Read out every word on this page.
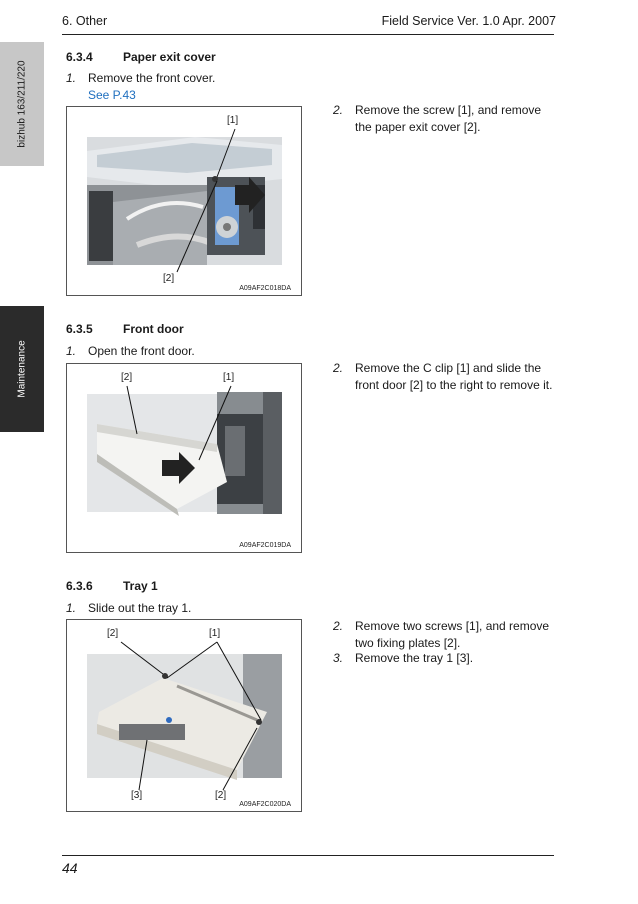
6. Other	Field Service Ver. 1.0 Apr. 2007
bizhub 163/211/220
Maintenance
6.3.4	Paper exit cover
1. Remove the front cover.
See P.43
2. Remove the screw [1], and remove the paper exit cover [2].
[1]
[2]
A09AF2C018DA
6.3.5	Front door
1. Open the front door.
2. Remove the C clip [1] and slide the front door [2] to the right to remove it.
[2]	[1]
A09AF2C019DA
6.3.6	Tray 1
1. Slide out the tray 1.
2. Remove two screws [1], and remove two fixing plates [2].
3. Remove the tray 1 [3].
[2]	[1]
[3]	[2]
A09AF2C020DA
44
